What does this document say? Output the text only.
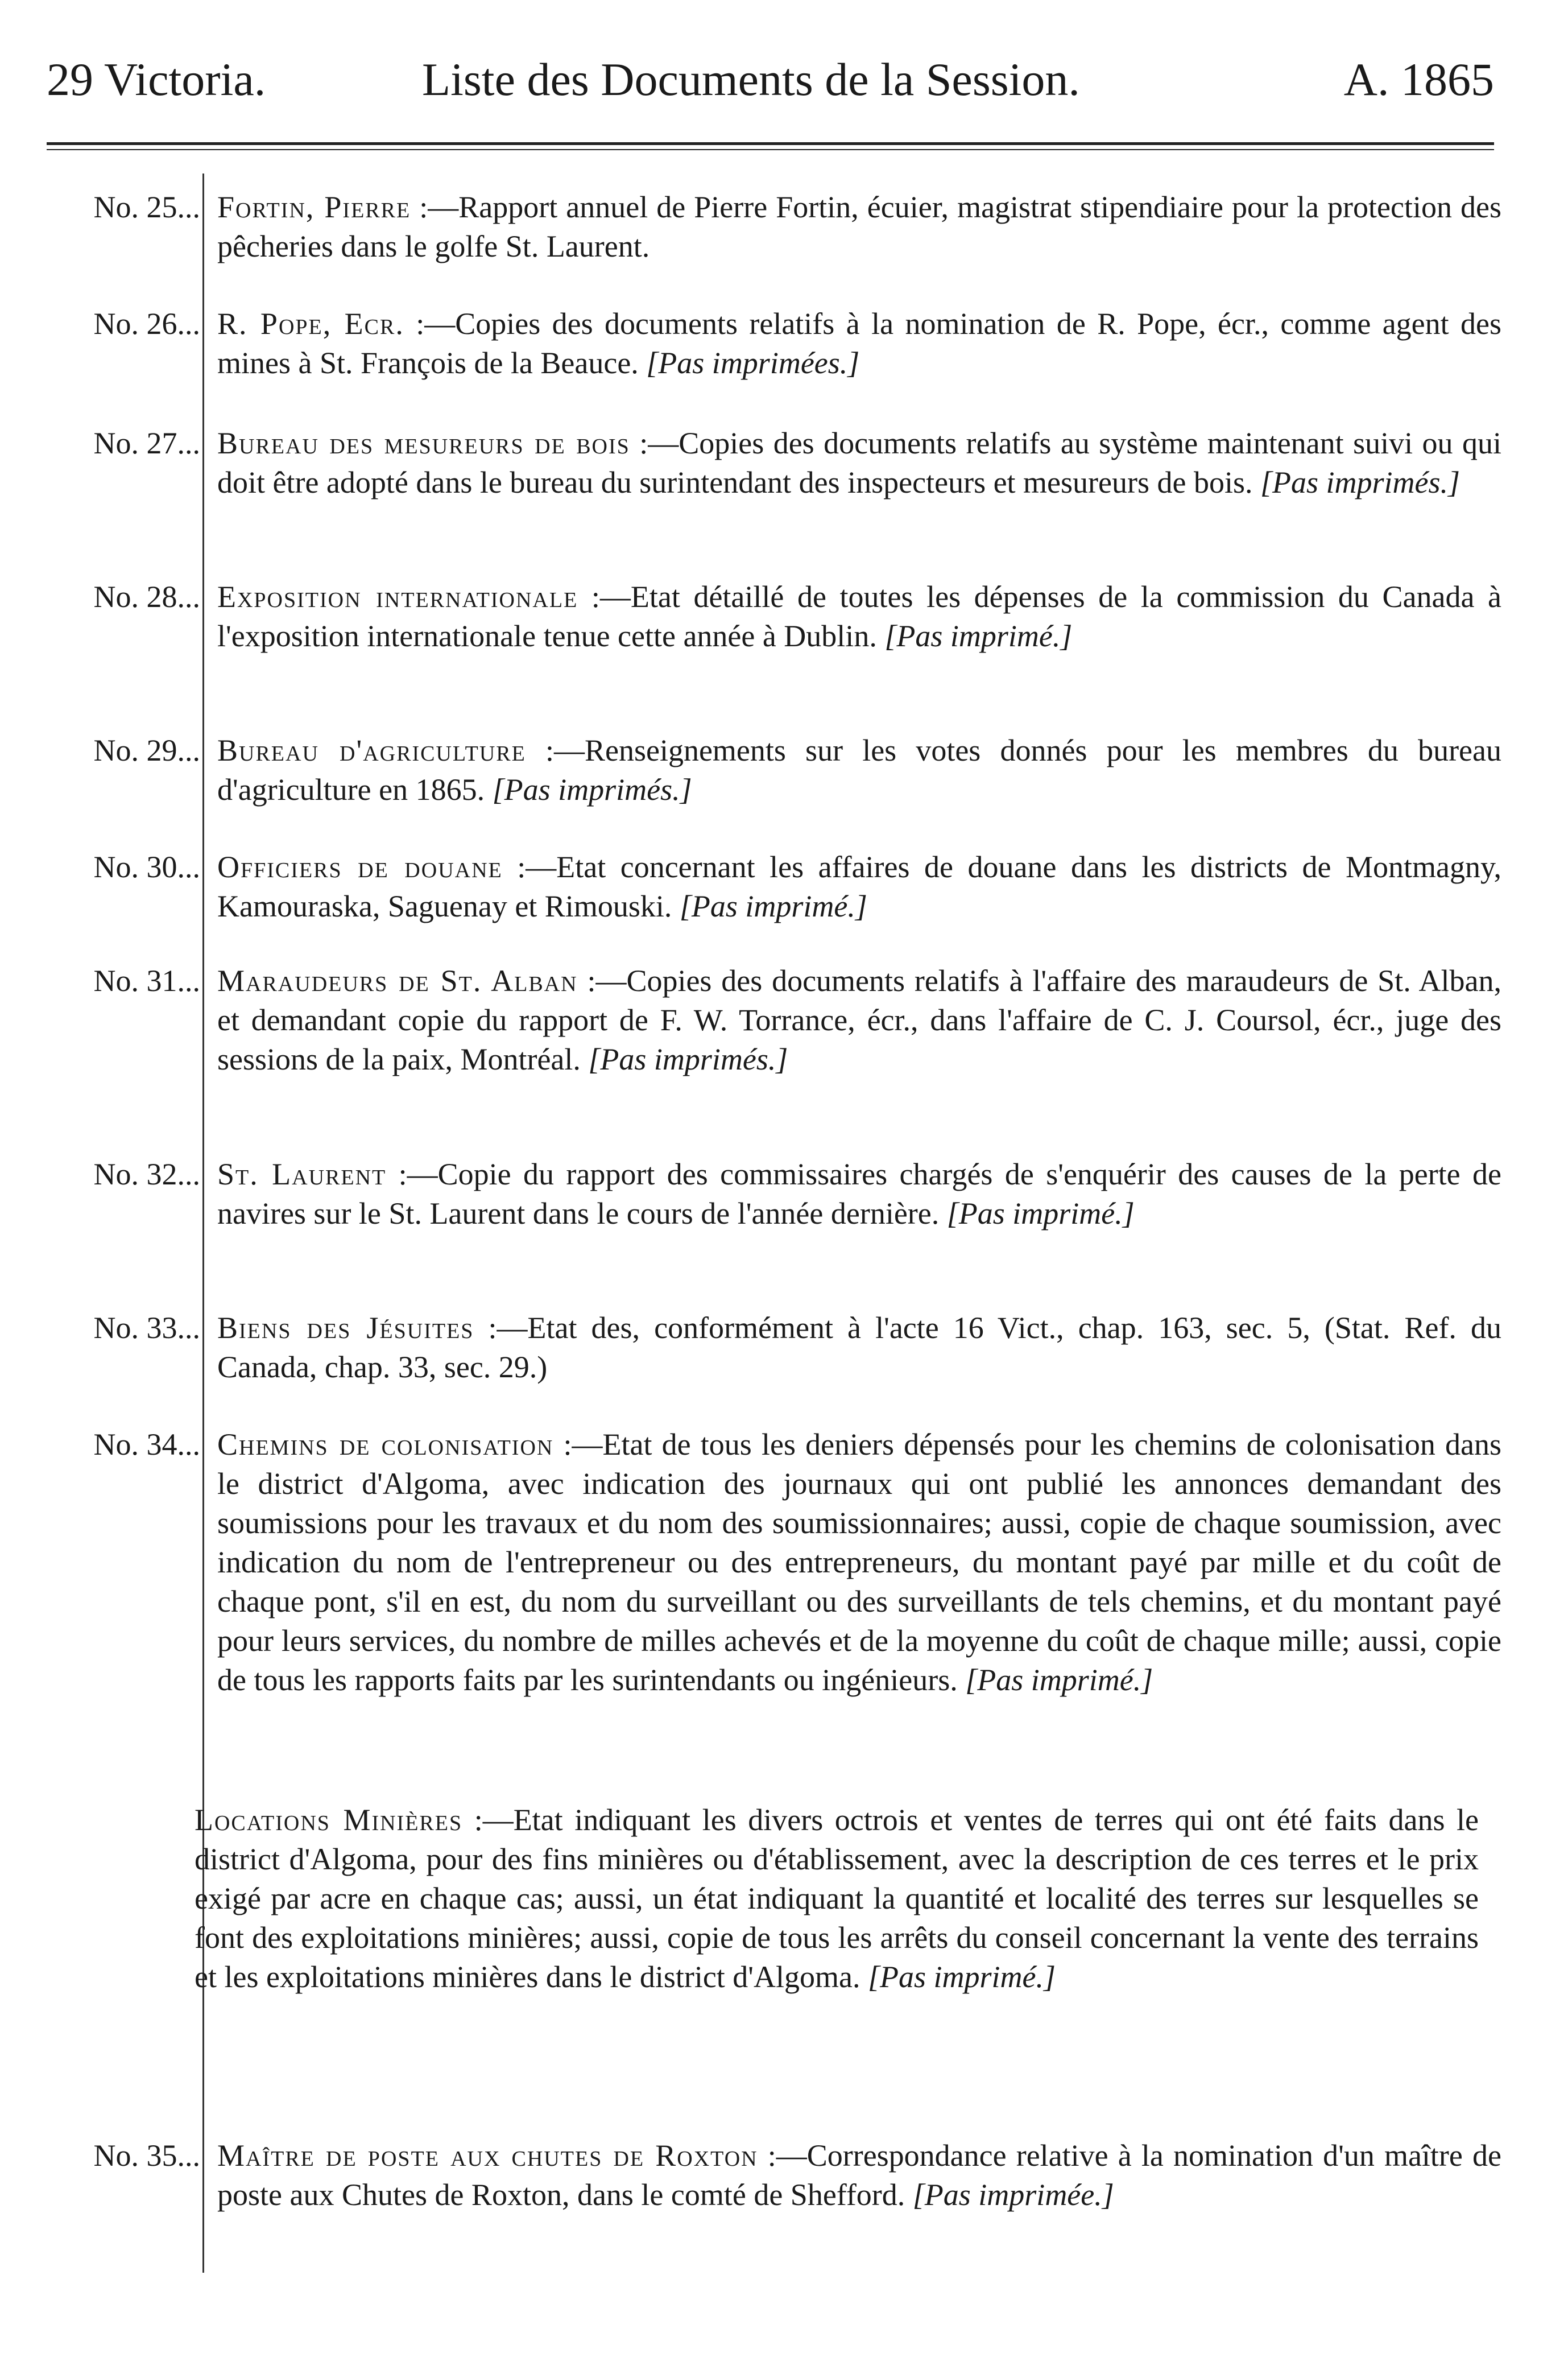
29 Victoria.	Liste des Documents de la Session.	A. 1865
No. 25... Fortin, Pierre :—Rapport annuel de Pierre Fortin, écuier, magistrat stipendiaire pour la protection des pêcheries dans le golfe St. Laurent.
No. 26... R. Pope, Ecr. :—Copies des documents relatifs à la nomination de R. Pope, écr., comme agent des mines à St. François de la Beauce. [Pas imprimées.]
No. 27... Bureau des mesureurs de bois :—Copies des documents relatifs au système maintenant suivi ou qui doit être adopté dans le bureau du surintendant des inspecteurs et mesureurs de bois. [Pas imprimés.]
No. 28... Exposition internationale :—Etat détaillé de toutes les dépenses de la commission du Canada à l'exposition internationale tenue cette année à Dublin. [Pas imprimé.]
No. 29... Bureau d'agriculture :—Renseignements sur les votes donnés pour les membres du bureau d'agriculture en 1865. [Pas imprimés.]
No. 30... Officiers de douane :—Etat concernant les affaires de douane dans les districts de Montmagny, Kamouraska, Saguenay et Rimouski. [Pas imprimé.]
No. 31... Maraudeurs de St. Alban :—Copies des documents relatifs à l'affaire des maraudeurs de St. Alban, et demandant copie du rapport de F. W. Torrance, écr., dans l'affaire de C. J. Coursol, écr., juge des sessions de la paix, Montréal. [Pas imprimés.]
No. 32... St. Laurent :—Copie du rapport des commissaires chargés de s'enquérir des causes de la perte de navires sur le St. Laurent dans le cours de l'année dernière. [Pas imprimé.]
No. 33... Biens des Jésuites :—Etat des, conformément à l'acte 16 Vict., chap. 163, sec. 5, (Stat. Ref. du Canada, chap. 33, sec. 29.)
No. 34... Chemins de colonisation :—Etat de tous les deniers dépensés pour les chemins de colonisation dans le district d'Algoma, avec indication des journaux qui ont publié les annonces demandant des soumissions pour les travaux et du nom des soumissionnaires; aussi, copie de chaque soumission, avec indication du nom de l'entrepreneur ou des entrepreneurs, du montant payé par mille et du coût de chaque pont, s'il en est, du nom du surveillant ou des surveillants de tels chemins, et du montant payé pour leurs services, du nombre de milles achevés et de la moyenne du coût de chaque mille; aussi, copie de tous les rapports faits par les surintendants ou ingénieurs. [Pas imprimé.]
Locations Minières :—Etat indiquant les divers octrois et ventes de terres qui ont été faits dans le district d'Algoma, pour des fins minières ou d'établissement, avec la description de ces terres et le prix exigé par acre en chaque cas; aussi, un état indiquant la quantité et localité des terres sur lesquelles se font des exploitations minières; aussi, copie de tous les arrêts du conseil concernant la vente des terrains et les exploitations minières dans le district d'Algoma. [Pas imprimé.]
No. 35... Maître de poste aux chutes de Roxton :—Correspondance relative à la nomination d'un maître de poste aux Chutes de Roxton, dans le comté de Shefford. [Pas imprimée.]
